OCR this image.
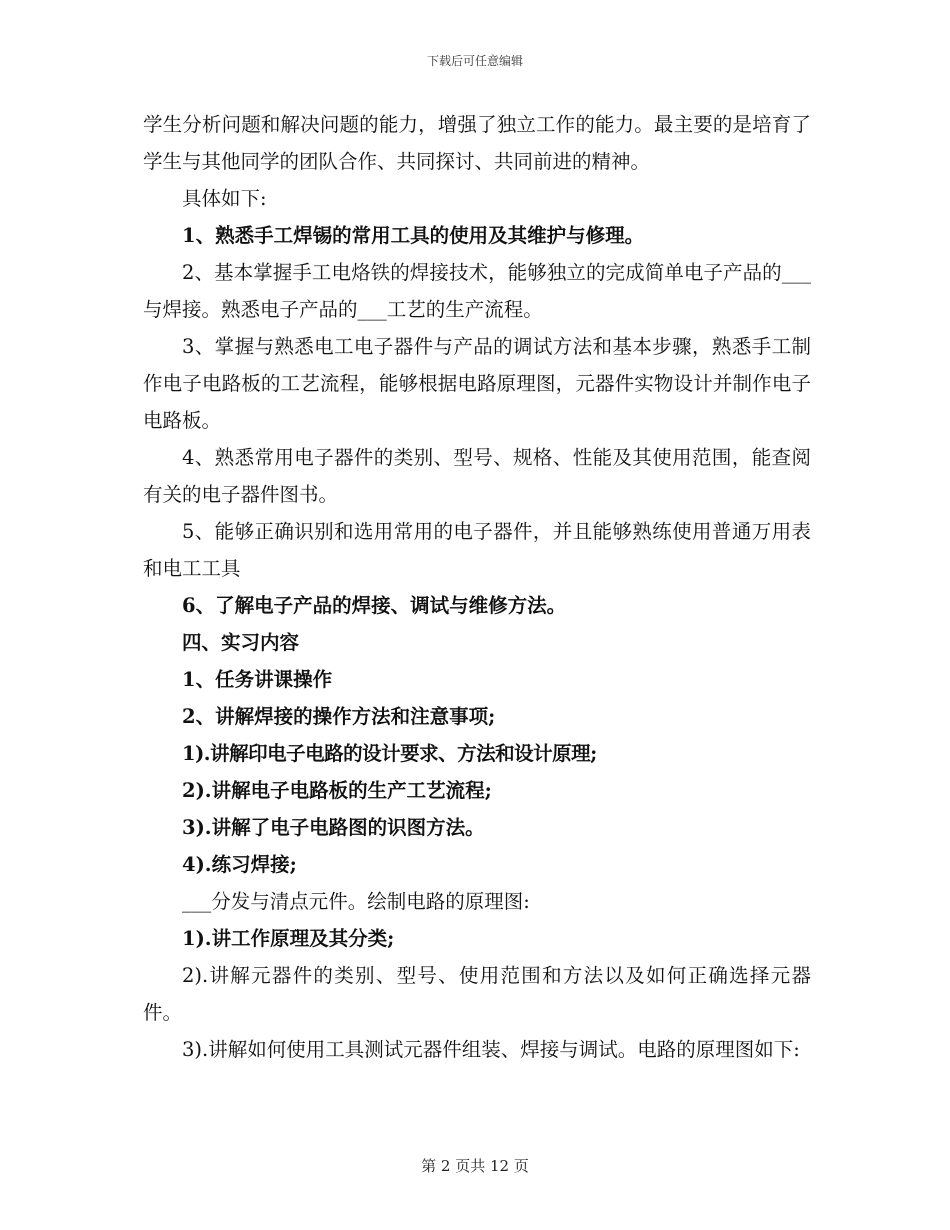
下载后可任意编辑

学生分析问题和解决问题的能力，增强了独立工作的能力。最主要的是培育了学生与其他同学的团队合作、共同探讨、共同前进的精神。

具体如下:

1、熟悉手工焊锡的常用工具的使用及其维护与修理。

2、基本掌握手工电烙铁的焊接技术，能够独立的完成简单电子产品的___与焊接。熟悉电子产品的___工艺的生产流程。

3、掌握与熟悉电工电子器件与产品的调试方法和基本步骤，熟悉手工制作电子电路板的工艺流程，能够根据电路原理图，元器件实物设计并制作电子电路板。

4、熟悉常用电子器件的类别、型号、规格、性能及其使用范围，能查阅有关的电子器件图书。

5、能够正确识别和选用常用的电子器件，并且能够熟练使用普通万用表和电工工具

6、了解电子产品的焊接、调试与维修方法。

四、实习内容

1、任务讲课操作

2、讲解焊接的操作方法和注意事项;

1).讲解印电子电路的设计要求、方法和设计原理;

2).讲解电子电路板的生产工艺流程;

3).讲解了电子电路图的识图方法。

4).练习焊接;

___分发与清点元件。绘制电路的原理图:

1).讲工作原理及其分类;

2).讲解元器件的类别、型号、使用范围和方法以及如何正确选择元器件。

3).讲解如何使用工具测试元器件组装、焊接与调试。电路的原理图如下:

第 2 页共 12 页
